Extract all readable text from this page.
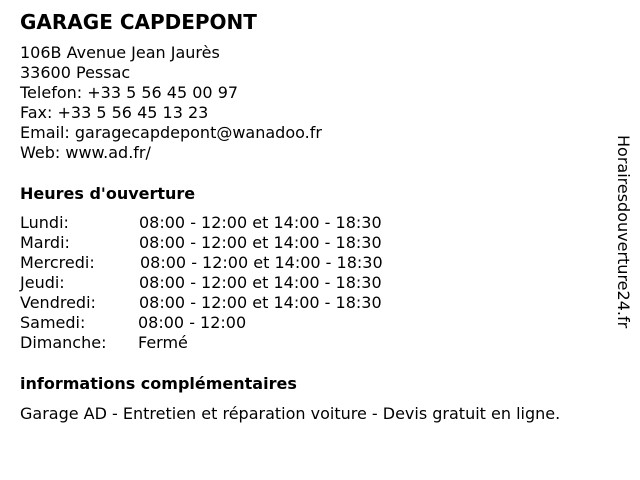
GARAGE CAPDEPONT
106B Avenue Jean Jaurès
33600 Pessac
Telefon: +33 5 56 45 00 97
Fax: +33 5 56 45 13 23
Email: garagecapdepont@wanadoo.fr
Web: www.ad.fr/
Heures d'ouverture
Lundi:	08:00 - 12:00 et 14:00 - 18:30
Mardi:	08:00 - 12:00 et 14:00 - 18:30
Mercredi:	08:00 - 12:00 et 14:00 - 18:30
Jeudi:	08:00 - 12:00 et 14:00 - 18:30
Vendredi:	08:00 - 12:00 et 14:00 - 18:30
Samedi:	08:00 - 12:00
Dimanche:	Fermé
informations complémentaires
Garage AD - Entretien et réparation voiture - Devis gratuit en ligne.
Horairesdouverture24.fr
